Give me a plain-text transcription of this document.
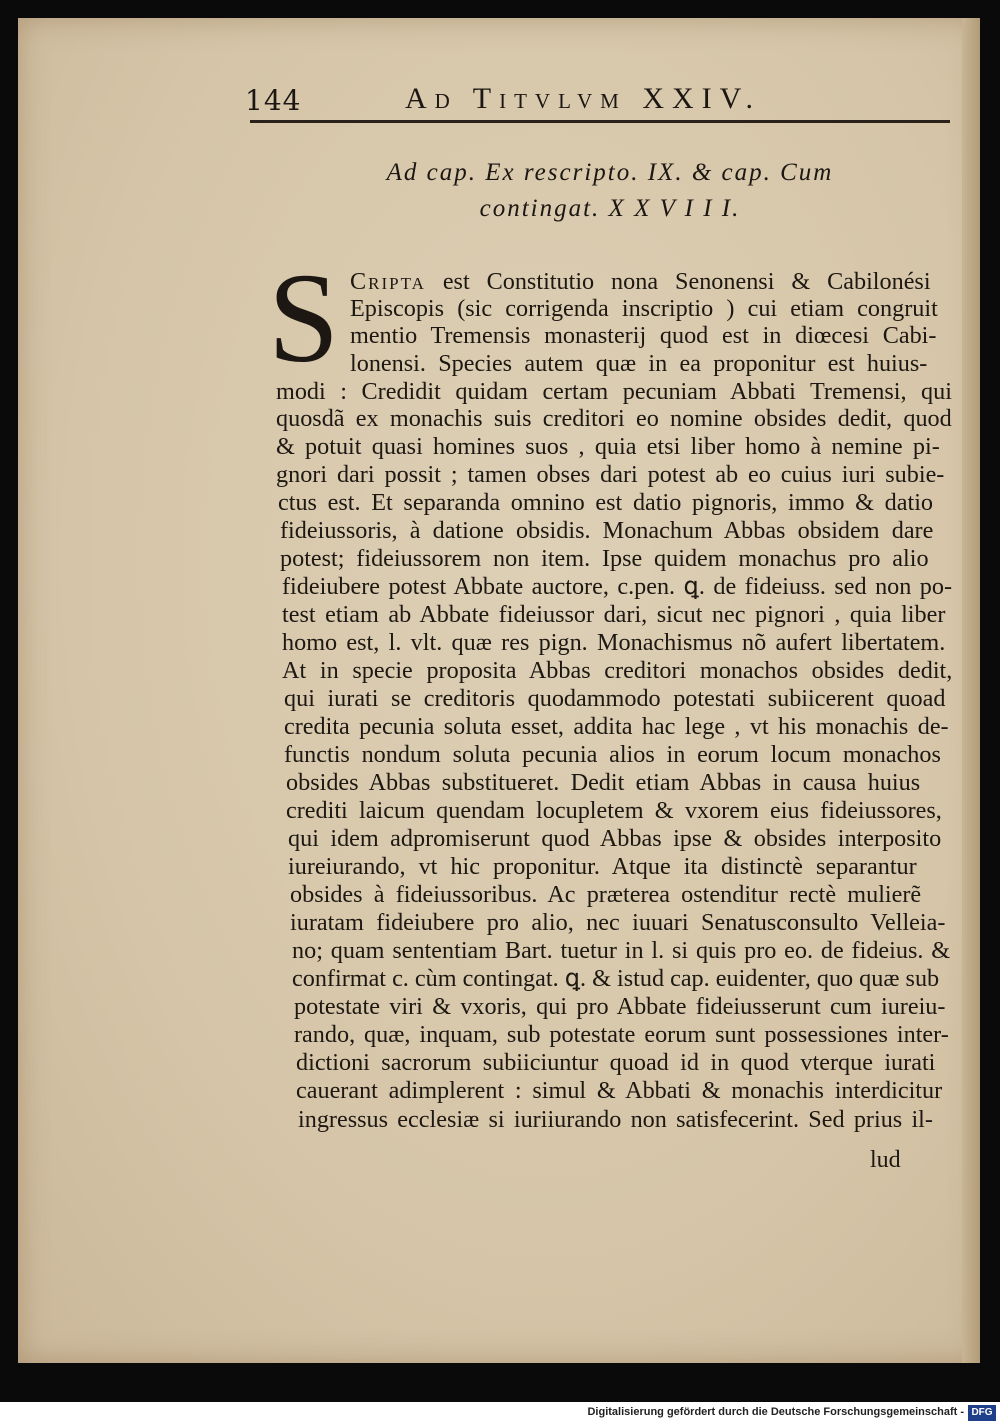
144	Ad Titvlvm XXIV.
Ad cap. Ex rescripto. IX. & cap. Cum
contingat. X X V I I I.
S Cripta est Constitutio nona Senonensi & Cabilonési
Episcopis (sic corrigenda inscriptio ) cui etiam congruit
mentio Tremensis monasterij quod est in diœcesi Cabi-
lonensi. Species autem quæ in ea proponitur est huius-
modi : Credidit quidam certam pecuniam Abbati Tremensi, qui
quosdã ex monachis suis creditori eo nomine obsides dedit, quod
& potuit quasi homines suos , quia etsi liber homo à nemine pi-
gnori dari possit ; tamen obses dari potest ab eo cuius iuri subie-
ctus est. Et separanda omnino est datio pignoris, immo & datio
fideiussoris, à datione obsidis. Monachum Abbas obsidem dare
potest; fideiussorem non item. Ipse quidem monachus pro alio
fideiubere potest Abbate auctore, c.pen. ꝗ. de fideiuss. sed non po-
test etiam ab Abbate fideiussor dari, sicut nec pignori , quia liber
homo est, l. vlt. quæ res pign. Monachismus nõ aufert libertatem.
At in specie proposita Abbas creditori monachos obsides dedit,
qui iurati se creditoris quodammodo potestati subiicerent quoad
credita pecunia soluta esset, addita hac lege , vt his monachis de-
functis nondum soluta pecunia alios in eorum locum monachos
obsides Abbas substitueret. Dedit etiam Abbas in causa huius
crediti laicum quendam locupletem & vxorem eius fideiussores,
qui idem adpromiserunt quod Abbas ipse & obsides interposito
iureiurando, vt hic proponitur. Atque ita distinctè separantur
obsides à fideiussoribus. Ac præterea ostenditur rectè mulierẽ
iuratam fideiubere pro alio, nec iuuari Senatusconsulto Velleia-
no; quam sententiam Bart. tuetur in l. si quis pro eo. de fideius. &
confirmat c. cùm contingat. ꝗ. & istud cap. euidenter, quo quæ sub
potestate viri & vxoris, qui pro Abbate fideiusserunt cum iureiu-
rando, quæ, inquam, sub potestate eorum sunt possessiones inter-
dictioni sacrorum subiiciuntur quoad id in quod vterque iurati
cauerant adimplerent : simul & Abbati & monachis interdicitur
ingressus ecclesiæ si iuriiurando non satisfecerint. Sed prius il-
lud
Digitalisierung gefördert durch die Deutsche Forschungsgemeinschaft - DFG
